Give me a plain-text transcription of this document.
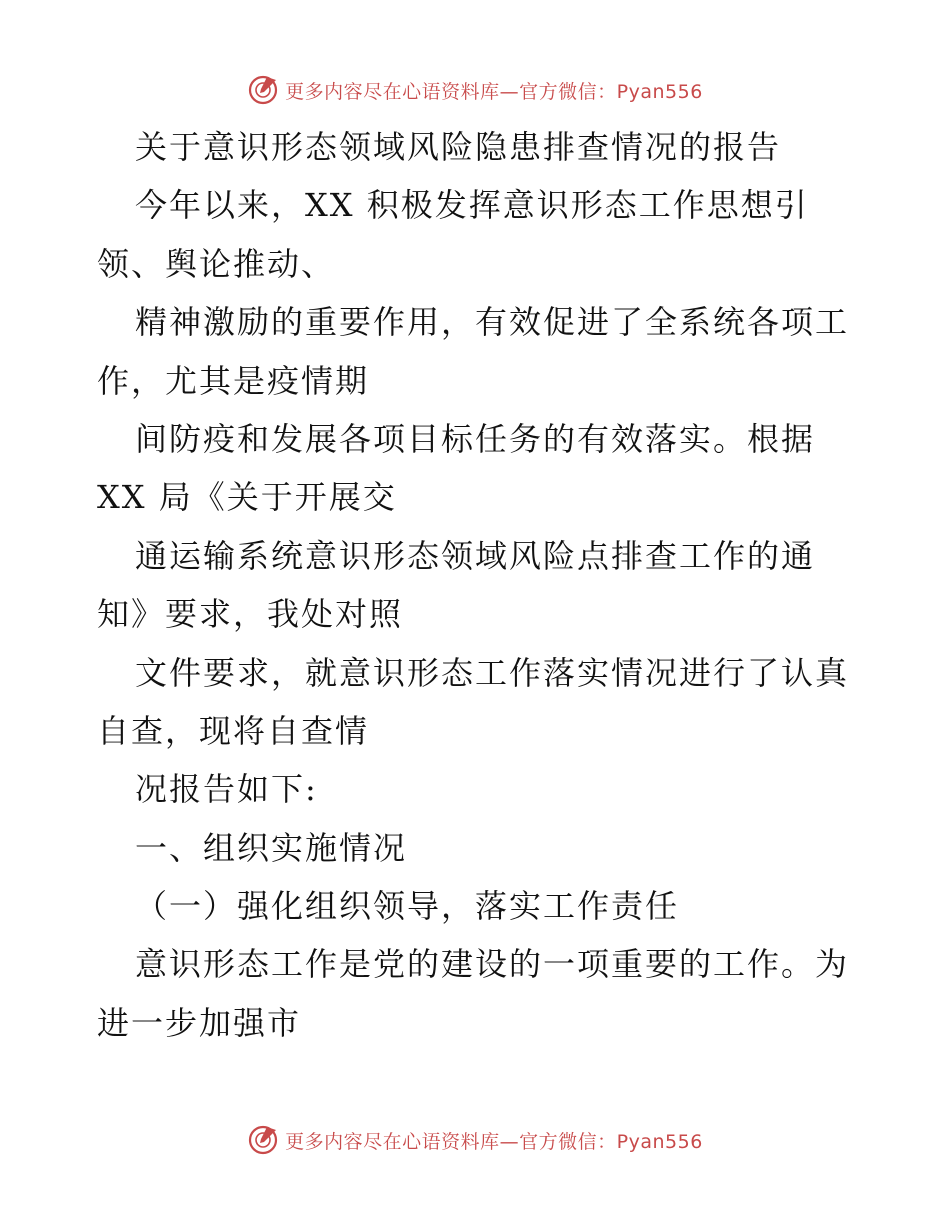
更多内容尽在心语资料库—官方微信：Pyan556
关于意识形态领域风险隐患排查情况的报告
今年以来，XX 积极发挥意识形态工作思想引
领、舆论推动、
精神激励的重要作用，有效促进了全系统各项工
作，尤其是疫情期
间防疫和发展各项目标任务的有效落实。根据
XX 局《关于开展交
通运输系统意识形态领域风险点排查工作的通
知》要求，我处对照
文件要求，就意识形态工作落实情况进行了认真
自查，现将自查情
况报告如下:
一、组织实施情况
（一）强化组织领导，落实工作责任
意识形态工作是党的建设的一项重要的工作。为
进一步加强市
更多内容尽在心语资料库—官方微信：Pyan556
